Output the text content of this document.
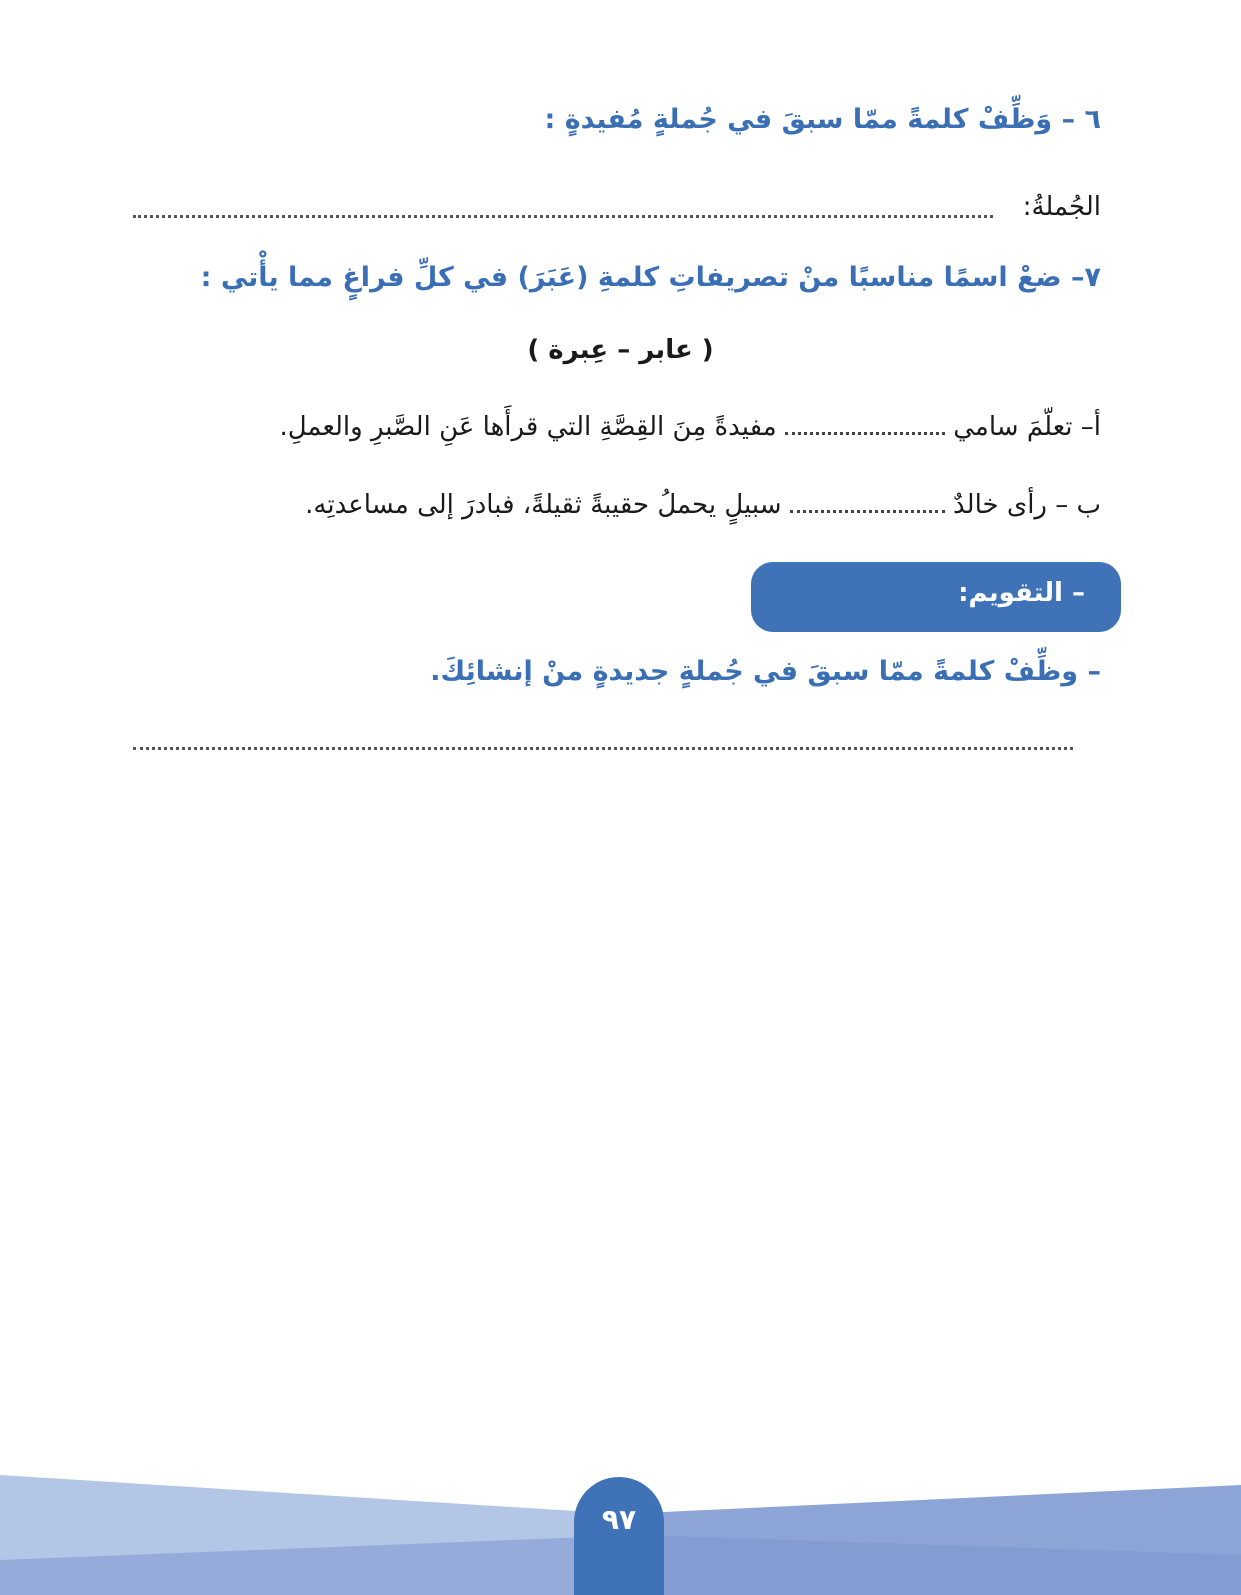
٦ – وَظِّفْ كلمةً ممّا سبقَ في جُملةٍ مُفيدةٍ :
الجُملةُ:
٧– ضعْ اسمًا مناسبًا منْ تصريفاتِ كلمةِ (عَبَرَ) في كلِّ فراغٍ مما يأْتي :
( عابر – عِبرة )
أ– تعلّمَ سامي  مفيدةً مِنَ القِصَّةِ التي قرأَها عَنِ الصَّبرِ والعملِ.
ب – رأى خالدٌ  سبيلٍ يحملُ حقيبةً ثقيلةً، فبادرَ إلى مساعدتِه.
– التقويم:
– وظِّفْ كلمةً ممّا سبقَ في جُملةٍ جديدةٍ منْ إنشائِكَ.
٩٧
